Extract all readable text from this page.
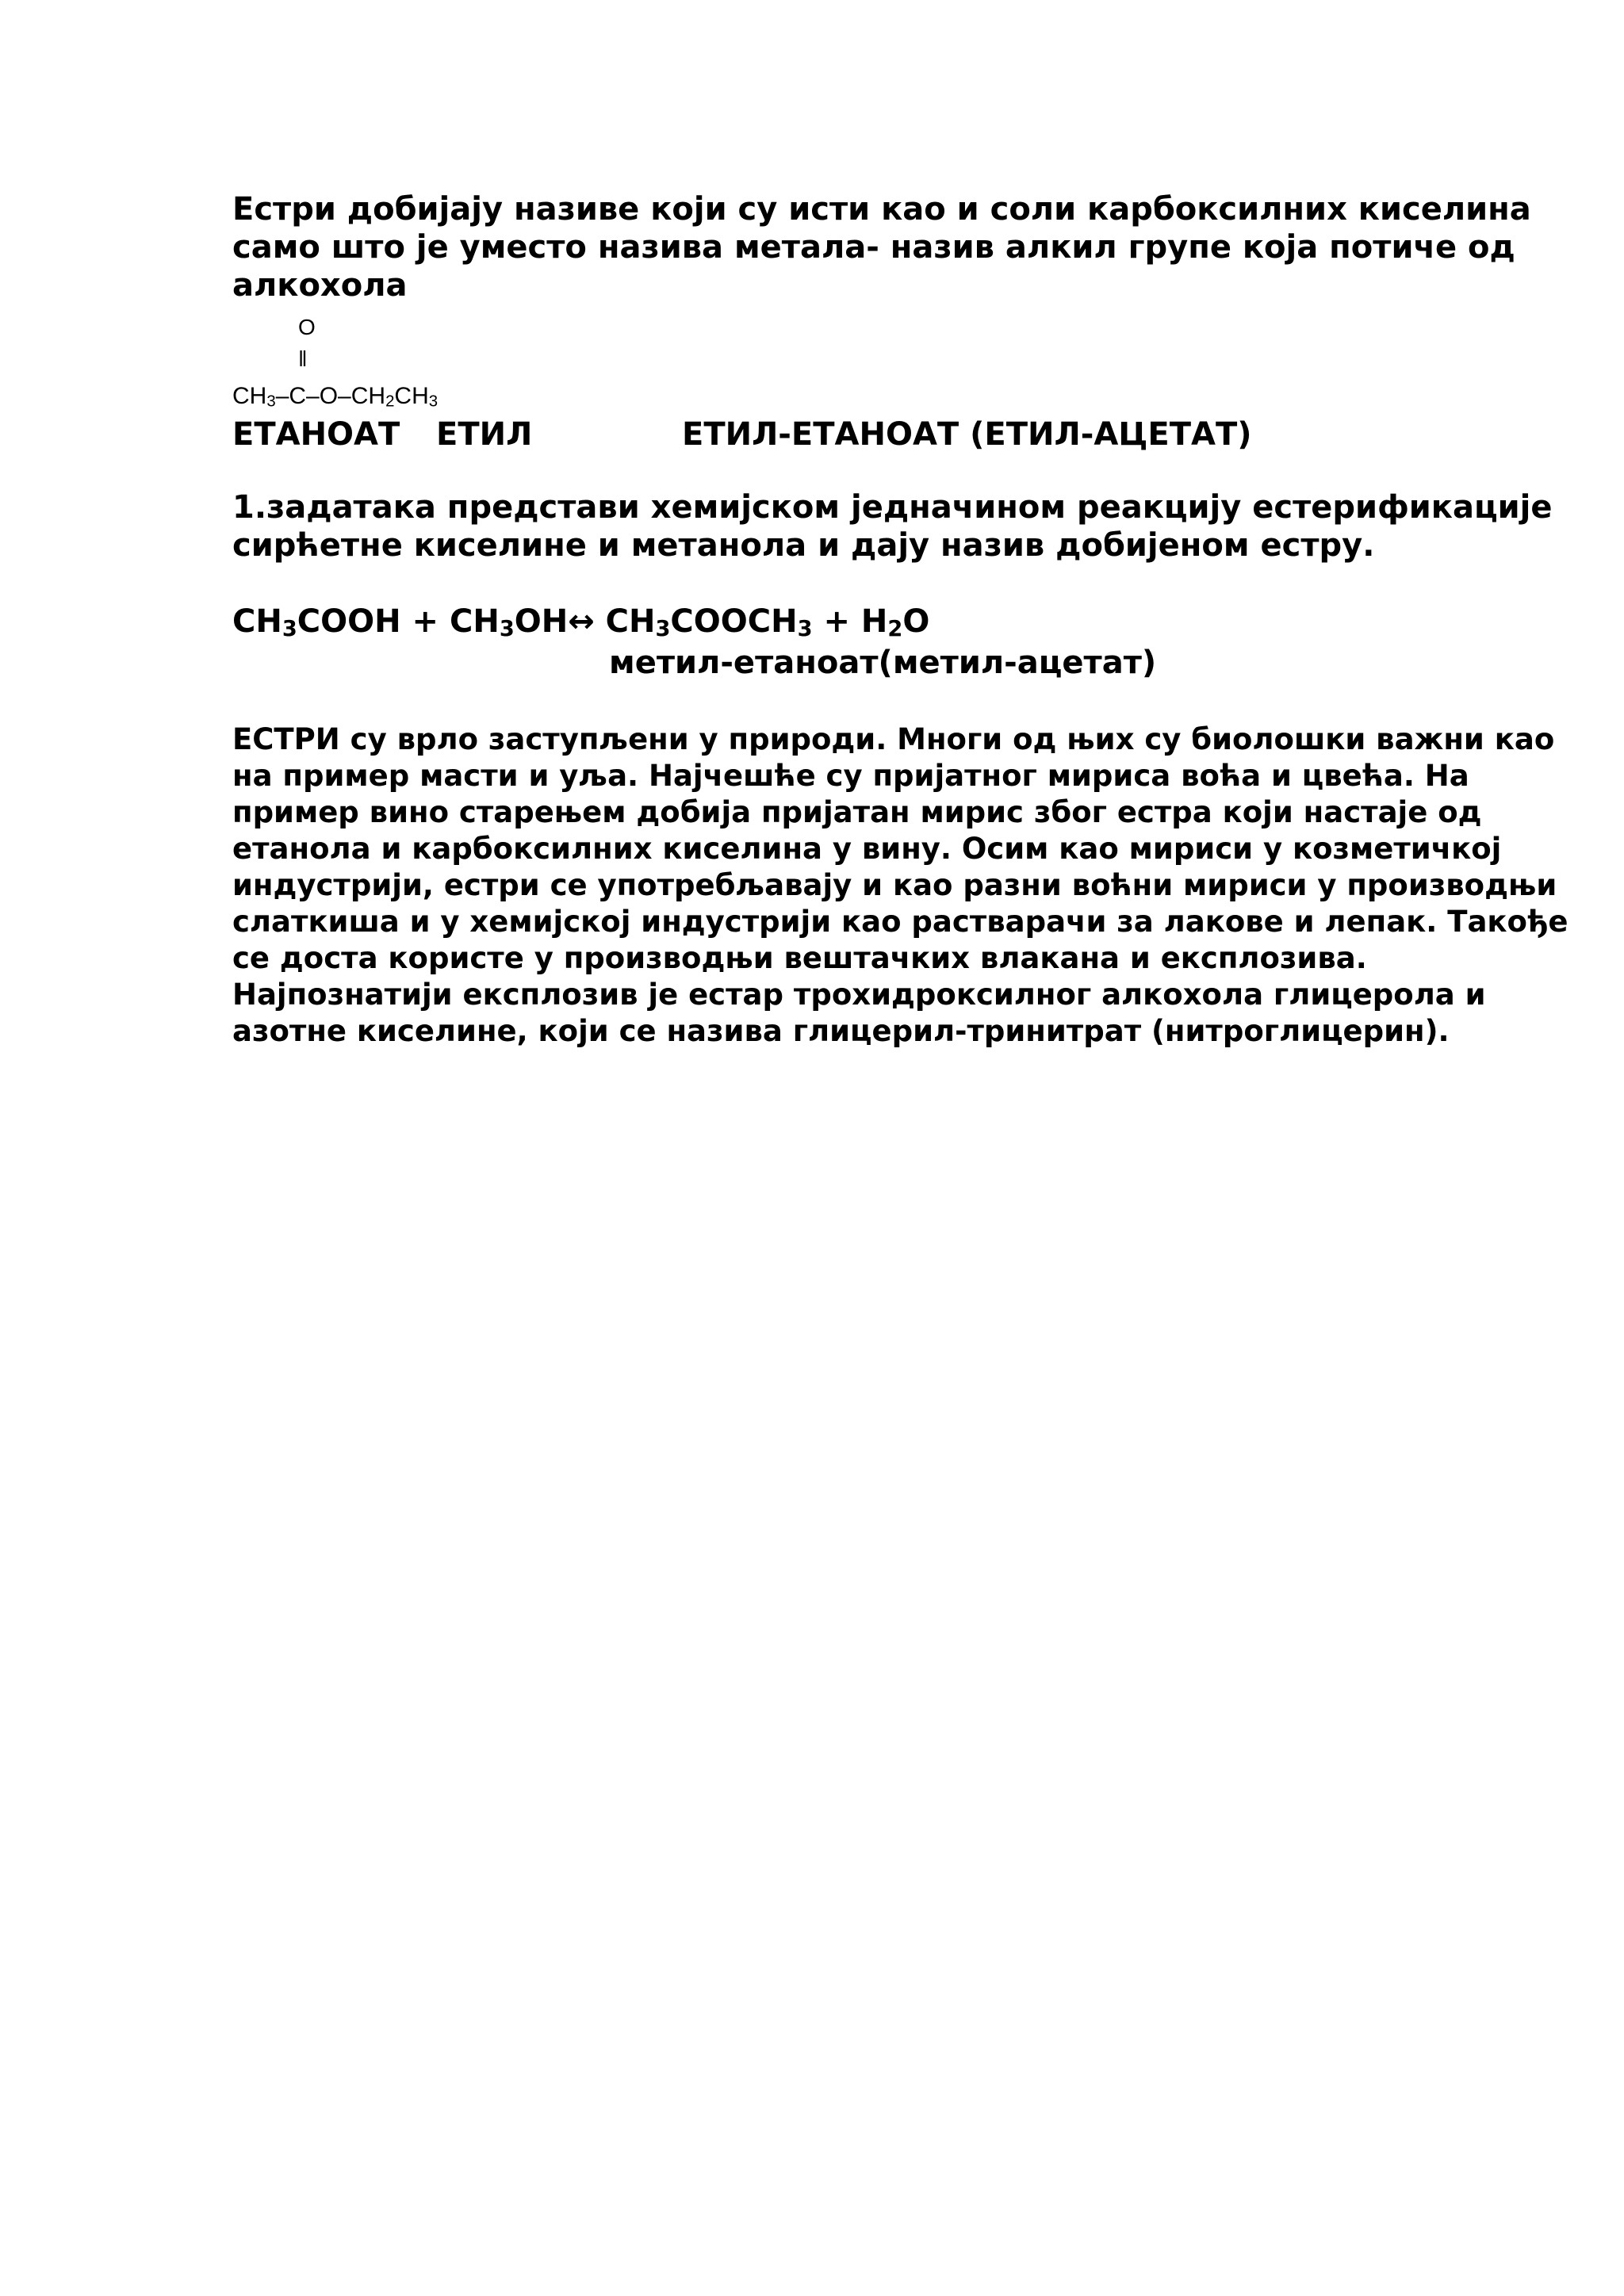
Естри добијају називе који су исти као и соли карбоксилних киселина
само што је уместо назива метала- назив алкил групе која потиче од
алкохола
O
‖
$CH_3-C-O-CH_2CH_3$
ЕТАНОАТ ЕТИЛ	ЕТИЛ-ЕТАНОАТ (ЕТИЛ-АЦЕТАТ)
1.задатака представи хемијском једначином реакцију естерификације
сирћетне киселине и метанола и дају назив добијеном естру.
$CH_3COOH$ + $CH_3OH\leftrightarrow$ $CH_3COOCH_3 + H_2O$
метил-етаноат(метил-ацетат)
ЕСТРИ су врло заступљени у природи. Многи од њих су биолошки важни као
на пример масти и уља. Најчешће су пријатног мириса воћа и цвећа. На
пример вино старењем добија пријатан мирис због естра који настаје од
етанола и карбоксилних киселина у вину. Осим као мириси у козметичкој
индустрији, естри се употребљавају и као разни воћни мириси у производњи
слаткиша и у хемијској индустрији као растварачи за лакове и лепак. Такође
се доста користе у производњи вештачких влакана и експлозива.
Најпознатији експлозив је естар трохидроксилног алкохола глицерола и
азотне киселине, који се назива глицерил-тринитрат (нитроглицерин).
